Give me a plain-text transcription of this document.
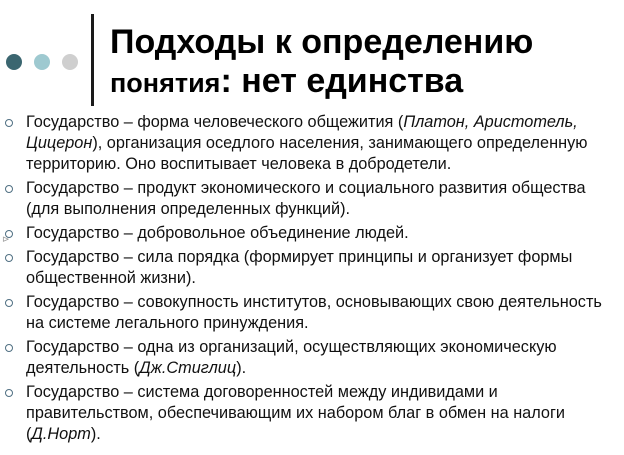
Подходы к определению
понятия: нет единства
⊳
Государство – форма человеческого общежития (Платон, Аристотель, Цицерон), организация оседлого населения, занимающего определенную территорию. Оно воспитывает человека в добродетели.
Государство – продукт экономического и социального развития общества (для выполнения определенных функций).
Государство – добровольное объединение людей.
Государство – сила порядка (формирует принципы и организует формы общественной жизни).
Государство – совокупность институтов, основывающих свою деятельность на системе легального принуждения.
Государство – одна из организаций, осуществляющих экономическую деятельность (Дж.Стиглиц).
Государство – система договоренностей между индивидами и правительством, обеспечивающим их набором благ в обмен на налоги (Д.Норт).
